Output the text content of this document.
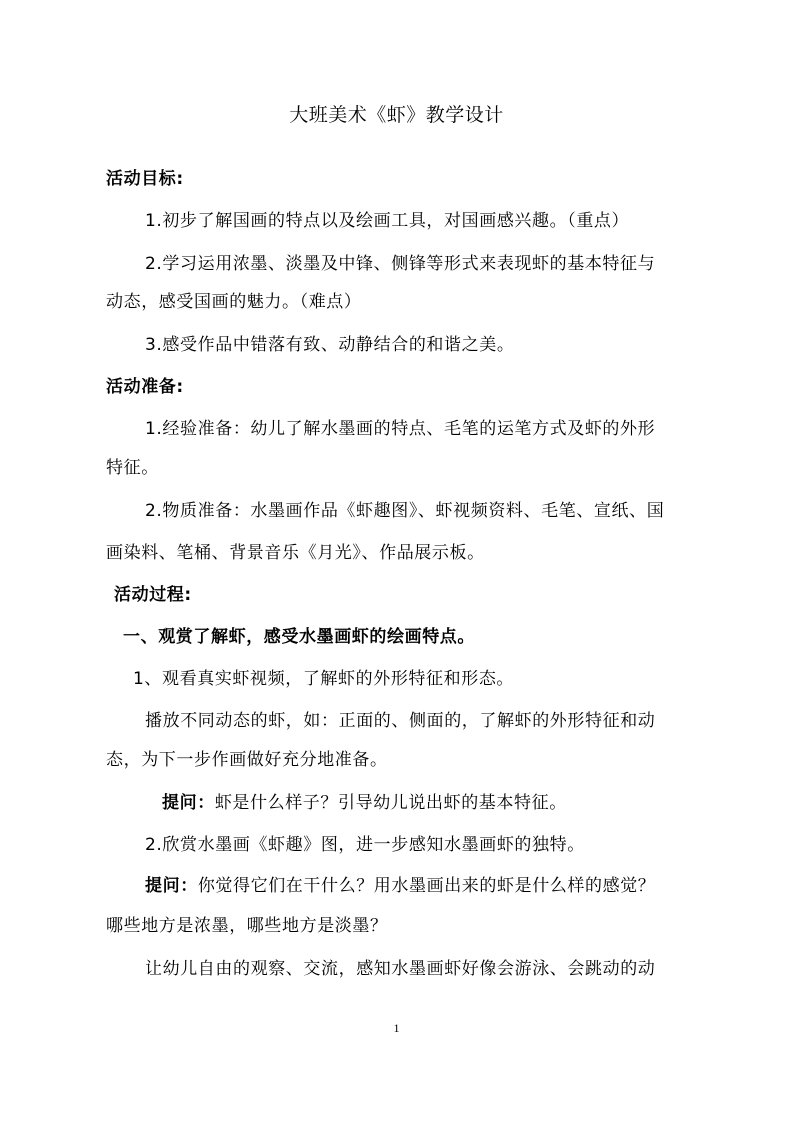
大班美术《虾》教学设计
活动目标:
1.初步了解国画的特点以及绘画工具，对国画感兴趣。（重点）
2.学习运用浓墨、淡墨及中锋、侧锋等形式来表现虾的基本特征与
动态，感受国画的魅力。（难点）
3.感受作品中错落有致、动静结合的和谐之美。
活动准备:
1.经验准备：幼儿了解水墨画的特点、毛笔的运笔方式及虾的外形
特征。
2.物质准备：水墨画作品《虾趣图》、虾视频资料、毛笔、宣纸、国
画染料、笔桶、背景音乐《月光》、作品展示板。
活动过程:
一、观赏了解虾，感受水墨画虾的绘画特点。
1、观看真实虾视频，了解虾的外形特征和形态。
播放不同动态的虾，如：正面的、侧面的，了解虾的外形特征和动
态，为下一步作画做好充分地准备。
提问：虾是什么样子？引导幼儿说出虾的基本特征。
2.欣赏水墨画《虾趣》图，进一步感知水墨画虾的独特。
提问：你觉得它们在干什么？用水墨画出来的虾是什么样的感觉？
哪些地方是浓墨，哪些地方是淡墨？
让幼儿自由的观察、交流，感知水墨画虾好像会游泳、会跳动的动
1
